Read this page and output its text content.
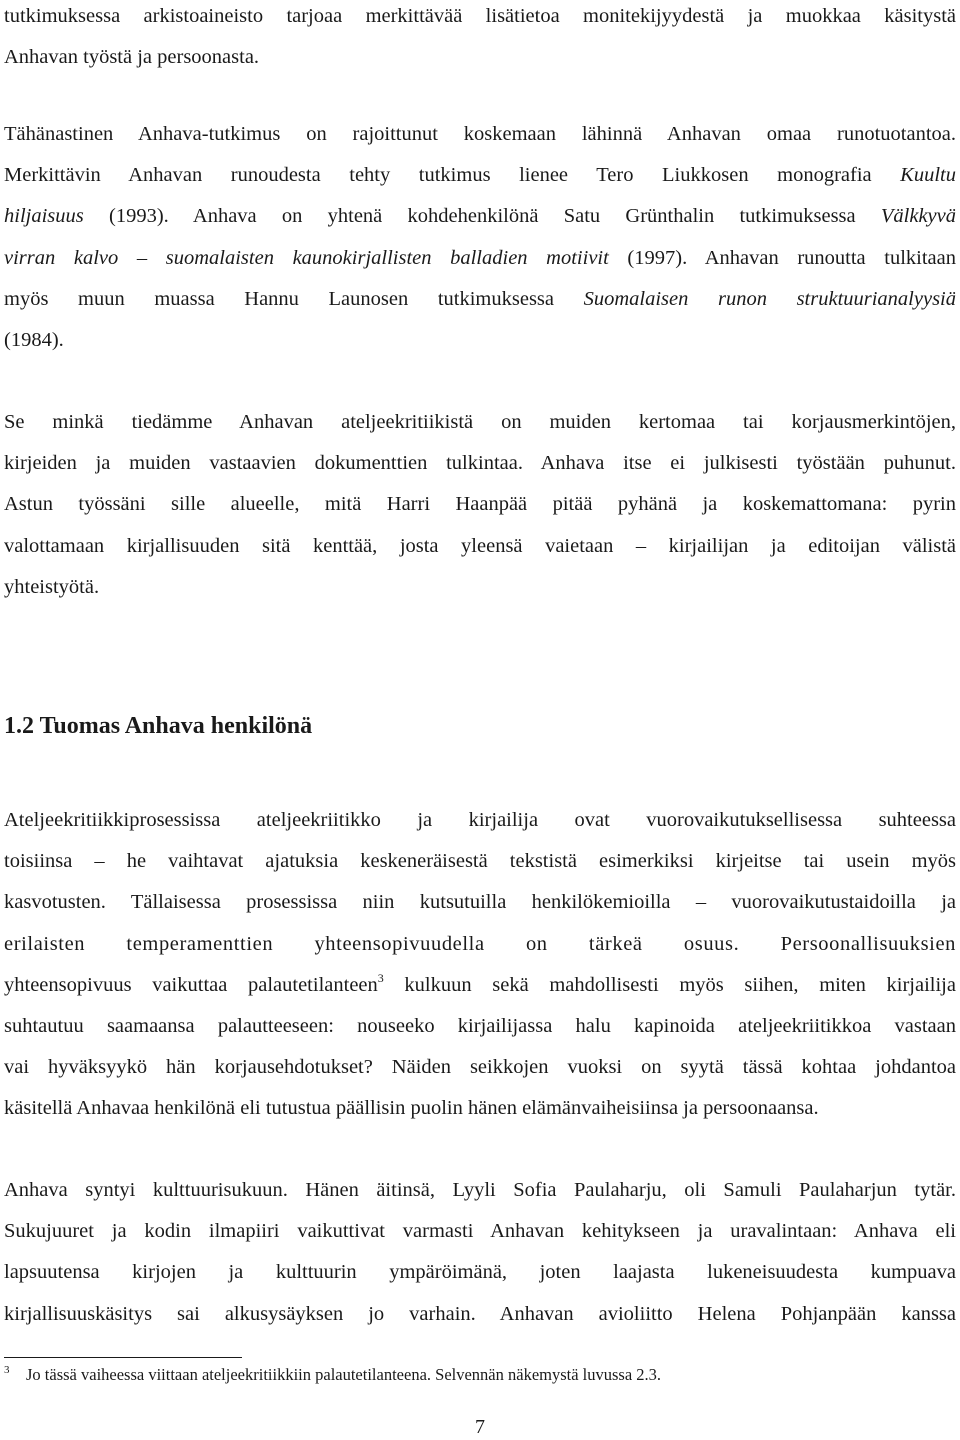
tutkimuksessa arkistoaineisto tarjoaa merkittävää lisätietoa monitekijyydestä ja muokkaa käsitystä
Anhavan työstä ja persoonasta.
Tähänastinen Anhava-tutkimus on rajoittunut koskemaan lähinnä Anhavan omaa runotuotantoa.
Merkittävin Anhavan runoudesta tehty tutkimus lienee Tero Liukkosen monografia Kuultu
hiljaisuus (1993). Anhava on yhtenä kohdehenkilönä Satu Grünthalin tutkimuksessa Välkkyvä
virran kalvo – suomalaisten kaunokirjallisten balladien motiivit (1997). Anhavan runoutta tulkitaan
myös muun muassa Hannu Launosen tutkimuksessa Suomalaisen runon struktuurianalyysiä
(1984).
Se minkä tiedämme Anhavan ateljeekritiikistä on muiden kertomaa tai korjausmerkintöjen,
kirjeiden ja muiden vastaavien dokumenttien tulkintaa. Anhava itse ei julkisesti työstään puhunut.
Astun työssäni sille alueelle, mitä Harri Haanpää pitää pyhänä ja koskemattomana: pyrin
valottamaan kirjallisuuden sitä kenttää, josta yleensä vaietaan – kirjailijan ja editoijan välistä
yhteistyötä.
1.2 Tuomas Anhava henkilönä
Ateljeekritiikkiprosessissa ateljeekriitikko ja kirjailija ovat vuorovaikutuksellisessa suhteessa
toisiinsa – he vaihtavat ajatuksia keskeneräisestä tekstistä esimerkiksi kirjeitse tai usein myös
kasvotusten. Tällaisessa prosessissa niin kutsutuilla henkilökemioilla – vuorovaikutustaidoilla ja
erilaisten temperamenttien yhteensopivuudella on tärkeä osuus. Persoonallisuuksien
yhteensopivuus vaikuttaa palautetilanteen$^3$ kulkuun sekä mahdollisesti myös siihen, miten kirjailija
suhtautuu saamaansa palautteeseen: nouseeko kirjailijassa halu kapinoida ateljeekriitikkoa vastaan
vai hyväksyykö hän korjausehdotukset? Näiden seikkojen vuoksi on syytä tässä kohtaa johdantoa
käsitellä Anhavaa henkilönä eli tutustua päällisin puolin hänen elämänvaiheisiinsa ja persoonaansa.
Anhava syntyi kulttuurisukuun. Hänen äitinsä, Lyyli Sofia Paulaharju, oli Samuli Paulaharjun tytär.
Sukujuuret ja kodin ilmapiiri vaikuttivat varmasti Anhavan kehitykseen ja uravalintaan: Anhava eli
lapsuutensa kirjojen ja kulttuurin ympäröimänä, joten laajasta lukeneisuudesta kumpuava
kirjallisuuskäsitys sai alkusysäyksen jo varhain. Anhavan avioliitto Helena Pohjanpään kanssa
3 Jo tässä vaiheessa viittaan ateljeekritiikkiin palautetilanteena. Selvennän näkemystä luvussa 2.3.
7
